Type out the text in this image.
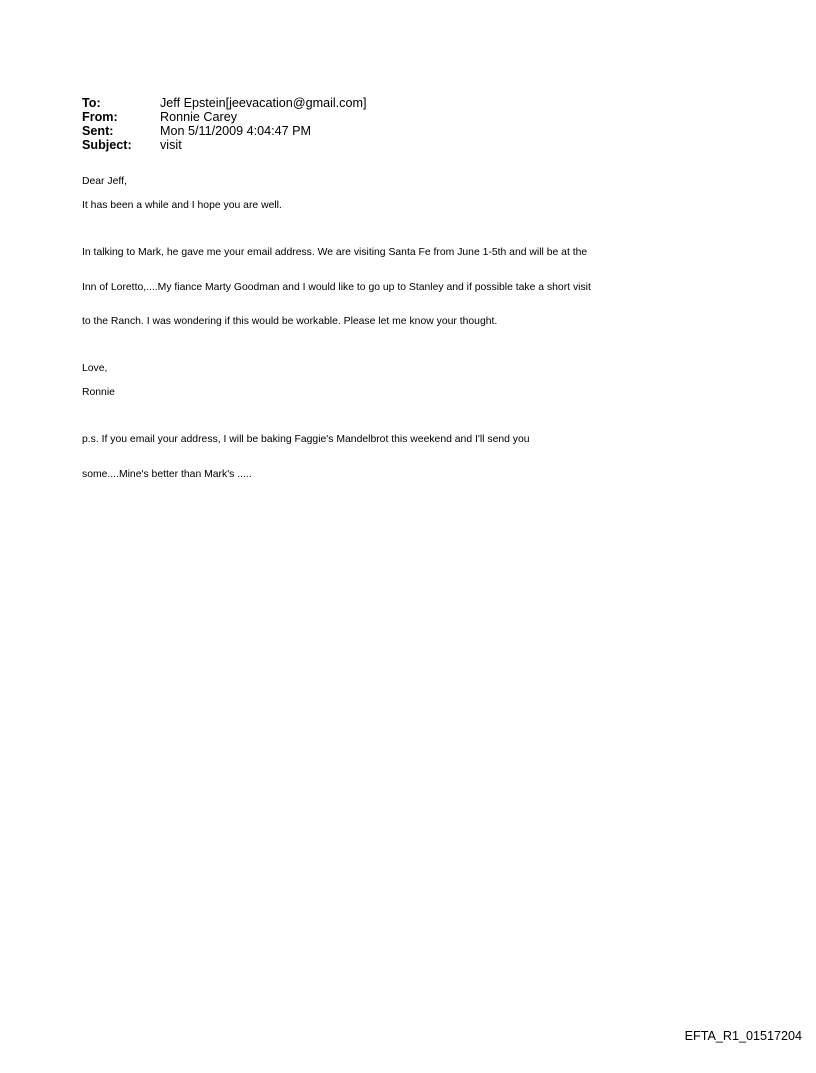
To:	Jeff Epstein[jeevacation@gmail.com]
From:	Ronnie Carey
Sent:	Mon 5/11/2009 4:04:47 PM
Subject:	visit

Dear Jeff,

It has been a while and I hope you are well.

In talking to Mark, he gave me your email address. We are visiting Santa Fe from June 1-5th and will be at the

Inn of Loretto,....My fiance Marty Goodman and I would like to go up to Stanley and if possible take a short visit

to the Ranch. I was wondering if this would be workable. Please let me know your thought.

Love,

Ronnie

p.s. If you email your address, I will be baking Faggie's Mandelbrot this weekend and I'll send you

some....Mine's better than Mark's .....

EFTA_R1_01517204
